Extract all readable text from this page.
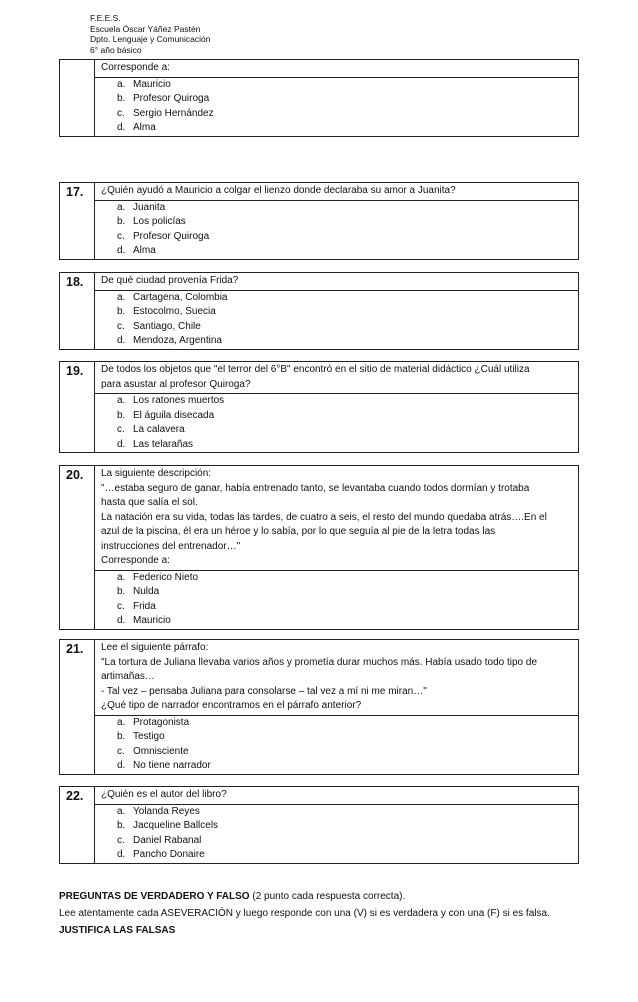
F.E.E.S.
Escuela Óscar Yáñez Pastén
Dpto. Lenguaje y Comunicación
6° año básico

Corresponde a:

a. Mauricio
b. Profesor Quiroga
c. Sergio Hernández
d. Alma
17.	¿Quién ayudó a Mauricio a colgar el lienzo donde declaraba su amor a Juanita?

a. Juanita
b. Los policías
c. Profesor Quiroga
d. Alma
18.	De qué ciudad provenía Frida?

a. Cartagena, Colombia
b. Estocolmo, Suecia
c. Santiago, Chile
d. Mendoza, Argentina
19.	De todos los objetos que "el terror del 6°B" encontró en el sitio de material didáctico ¿Cuál utiliza
para asustar al profesor Quiroga?

a. Los ratones muertos
b. El águila disecada
c. La calavera
d. Las telarañas
20.	La siguiente descripción:
"…estaba seguro de ganar, había entrenado tanto, se levantaba cuando todos dormían y trotaba
hasta que salía el sol.
La natación era su vida, todas las tardes, de cuatro a seis, el resto del mundo quedaba atrás….En el
azul de la piscina, él era un héroe y lo sabía, por lo que seguía al pie de la letra todas las
instrucciones del entrenador…"
Corresponde a:

a. Federico Nieto
b. Nulda
c. Frida
d. Mauricio
21.	Lee el siguiente párrafo:
"La tortura de Juliana llevaba varios años y prometía durar muchos más. Había usado todo tipo de
artimañas…
- Tal vez – pensaba Juliana para consolarse – tal vez a mí ni me miran…"
¿Qué tipo de narrador encontramos en el párrafo anterior?

a. Protagonista
b. Testigo
c. Omnisciente
d. No tiene narrador
22.	¿Quién es el autor del libro?

a. Yolanda Reyes
b. Jacqueline Ballcels
c. Daniel Rabanal
d. Pancho Donaire
PREGUNTAS DE VERDADERO Y FALSO (2 punto cada respuesta correcta).
Lee atentamente cada ASEVERACIÓN y luego responde con una (V) si es verdadera y con una (F) si es falsa. JUSTIFICA LAS FALSAS
